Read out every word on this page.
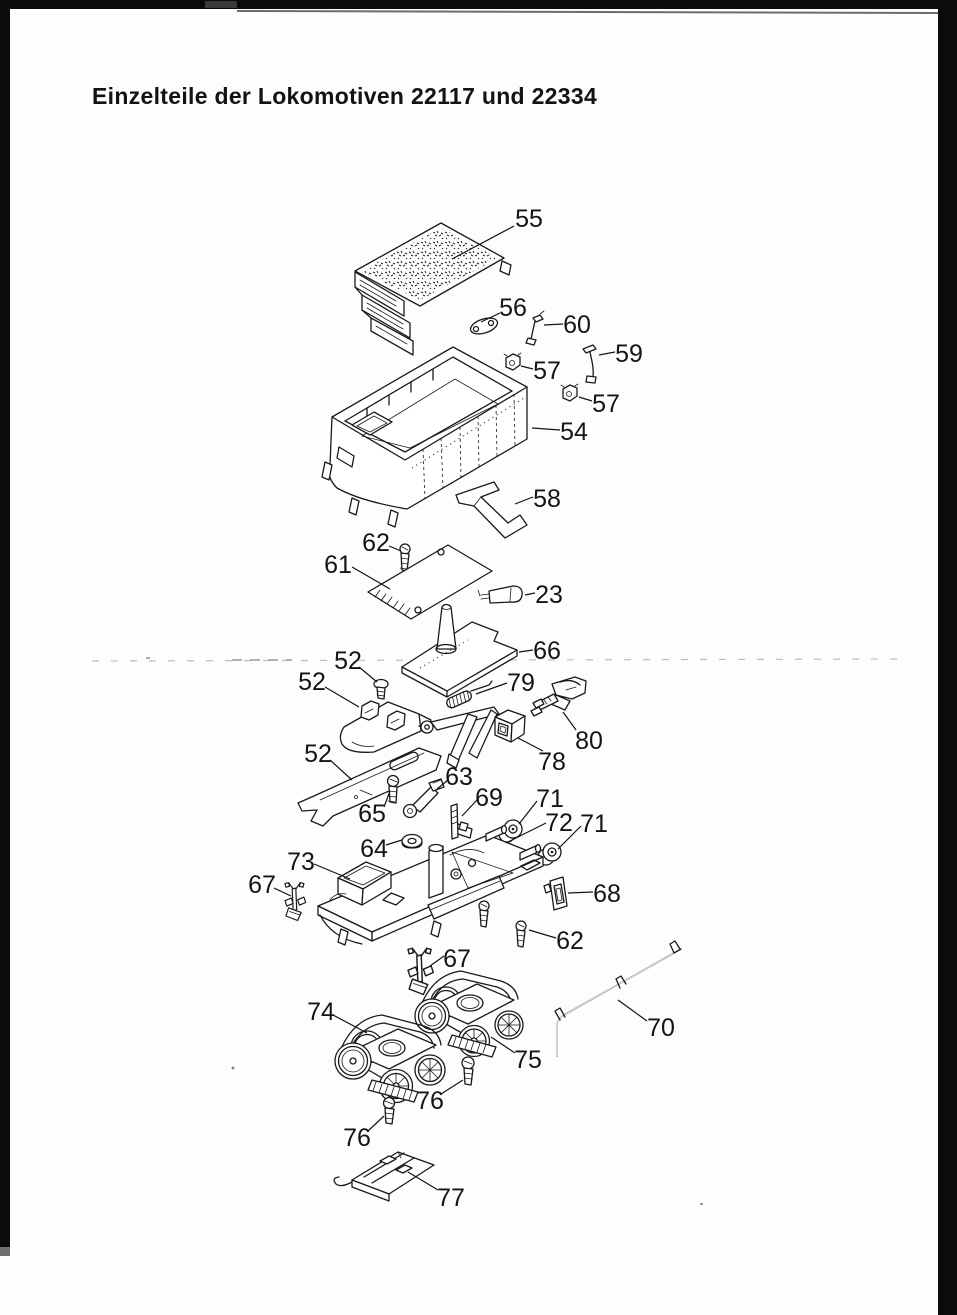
Einzelteile der Lokomotiven 22117 und 22334
55
56
60
59
57
57
54
58
62
61
23
66
52
52	79
80
78
52
63
65
69 71
72 71
64
73
67	68
62
67
74
75
70
76
76
77
